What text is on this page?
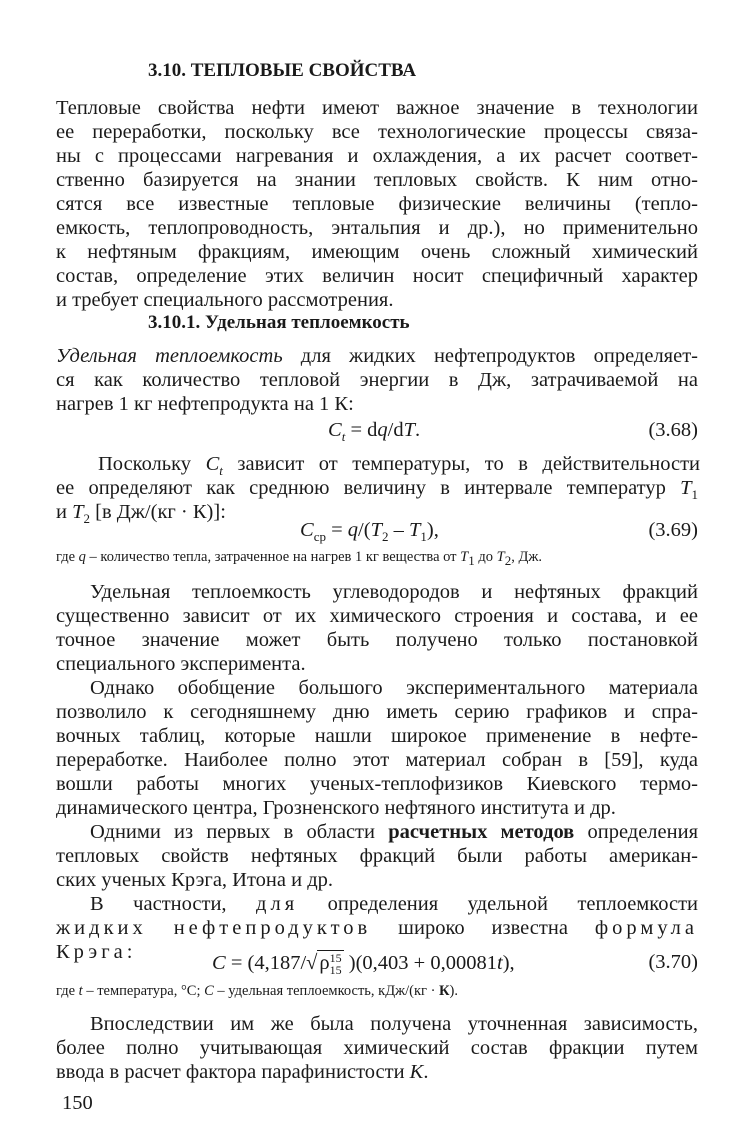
3.10. ТЕПЛОВЫЕ СВОЙСТВА
Тепловые свойства нефти имеют важное значение в технологии
ее переработки, поскольку все технологические процессы связа-
ны с процессами нагревания и охлаждения, а их расчет соответ-
ственно базируется на знании тепловых свойств. К ним отно-
сятся все известные тепловые физические величины (тепло-
емкость, теплопроводность, энтальпия и др.), но применительно
к нефтяным фракциям, имеющим очень сложный химический
состав, определение этих величин носит специфичный характер
и требует специального рассмотрения.
3.10.1. Удельная теплоемкость
Удельная теплоемкость для жидких нефтепродуктов определяет-
ся как количество тепловой энергии в Дж, затрачиваемой на
нагрев 1 кг нефтепродукта на 1 К:
$C_t = dq/dT$.	(3.68)
Поскольку $C_t$ зависит от температуры, то в действительности
ее определяют как среднюю величину в интервале температур $T_1$
и $T_2$ [в Дж/(кг · К)]:
$C_{ср} = q/(T_2 - T_1)$,	(3.69)
где q – количество тепла, затраченное на нагрев 1 кг вещества от $T_1$ до $T_2$, Дж.
Удельная теплоемкость углеводородов и нефтяных фракций
существенно зависит от их химического строения и состава, и ее
точное значение может быть получено только постановкой
специального эксперимента.
Однако обобщение большого экспериментального материала
позволило к сегодняшнему дню иметь серию графиков и спра-
вочных таблиц, которые нашли широкое применение в нефте-
переработке. Наиболее полно этот материал собран в [59], куда
вошли работы многих ученых-теплофизиков Киевского термо-
динамического центра, Грозненского нефтяного института и др.
Одними из первых в области расчетных методов определения
тепловых свойств нефтяных фракций были работы американ-
ских ученых Крэга, Итона и др.
В частности, для определения удельной теплоемкости
жидких нефтепродуктов широко известна формула
Крэга:	C = (4,187/√ρ 15
15 )(0,403 + 0,00081t),	(3.70)
где t – температура, °С; C – удельная теплоемкость, кДж/(кг · К).
Впоследствии им же была получена уточненная зависимость,
более полно учитывающая химический состав фракции путем
ввода в расчет фактора парафинистости K.
150
